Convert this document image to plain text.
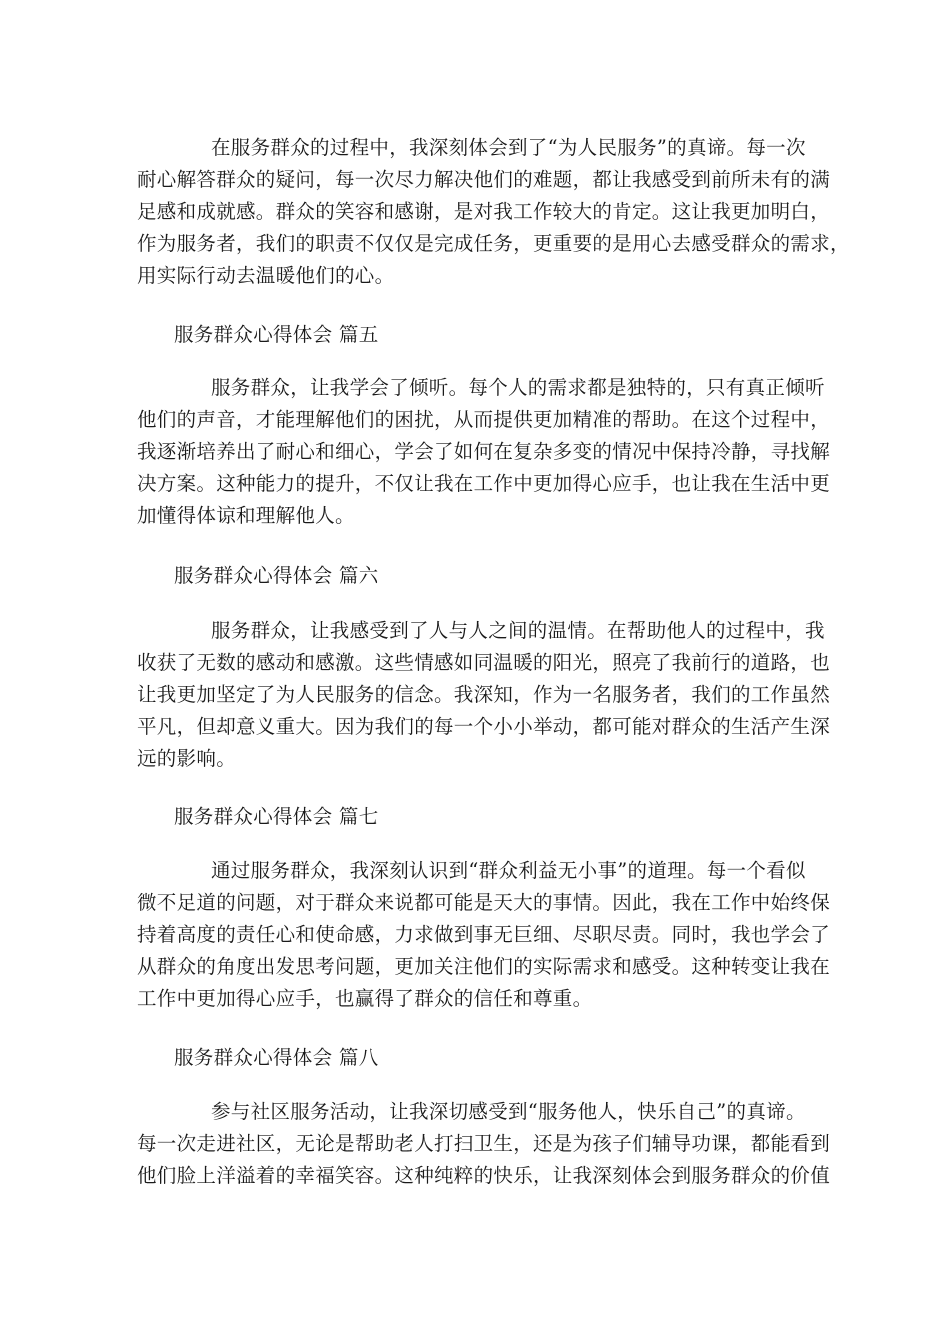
在服务群众的过程中，我深刻体会到了“为人民服务”的真谛。每一次
耐心解答群众的疑问，每一次尽力解决他们的难题，都让我感受到前所未有的满
足感和成就感。群众的笑容和感谢，是对我工作较大的肯定。这让我更加明白，
作为服务者，我们的职责不仅仅是完成任务，更重要的是用心去感受群众的需求，
用实际行动去温暖他们的心。
服务群众心得体会 篇五
服务群众，让我学会了倾听。每个人的需求都是独特的，只有真正倾听
他们的声音，才能理解他们的困扰，从而提供更加精准的帮助。在这个过程中，
我逐渐培养出了耐心和细心，学会了如何在复杂多变的情况中保持冷静，寻找解
决方案。这种能力的提升，不仅让我在工作中更加得心应手，也让我在生活中更
加懂得体谅和理解他人。
服务群众心得体会 篇六
服务群众，让我感受到了人与人之间的温情。在帮助他人的过程中，我
收获了无数的感动和感激。这些情感如同温暖的阳光，照亮了我前行的道路，也
让我更加坚定了为人民服务的信念。我深知，作为一名服务者，我们的工作虽然
平凡，但却意义重大。因为我们的每一个小小举动，都可能对群众的生活产生深
远的影响。
服务群众心得体会 篇七
通过服务群众，我深刻认识到“群众利益无小事”的道理。每一个看似
微不足道的问题，对于群众来说都可能是天大的事情。因此，我在工作中始终保
持着高度的责任心和使命感，力求做到事无巨细、尽职尽责。同时，我也学会了
从群众的角度出发思考问题，更加关注他们的实际需求和感受。这种转变让我在
工作中更加得心应手，也赢得了群众的信任和尊重。
服务群众心得体会 篇八
参与社区服务活动，让我深切感受到“服务他人，快乐自己”的真谛。
每一次走进社区，无论是帮助老人打扫卫生，还是为孩子们辅导功课，都能看到
他们脸上洋溢着的幸福笑容。这种纯粹的快乐，让我深刻体会到服务群众的价值
